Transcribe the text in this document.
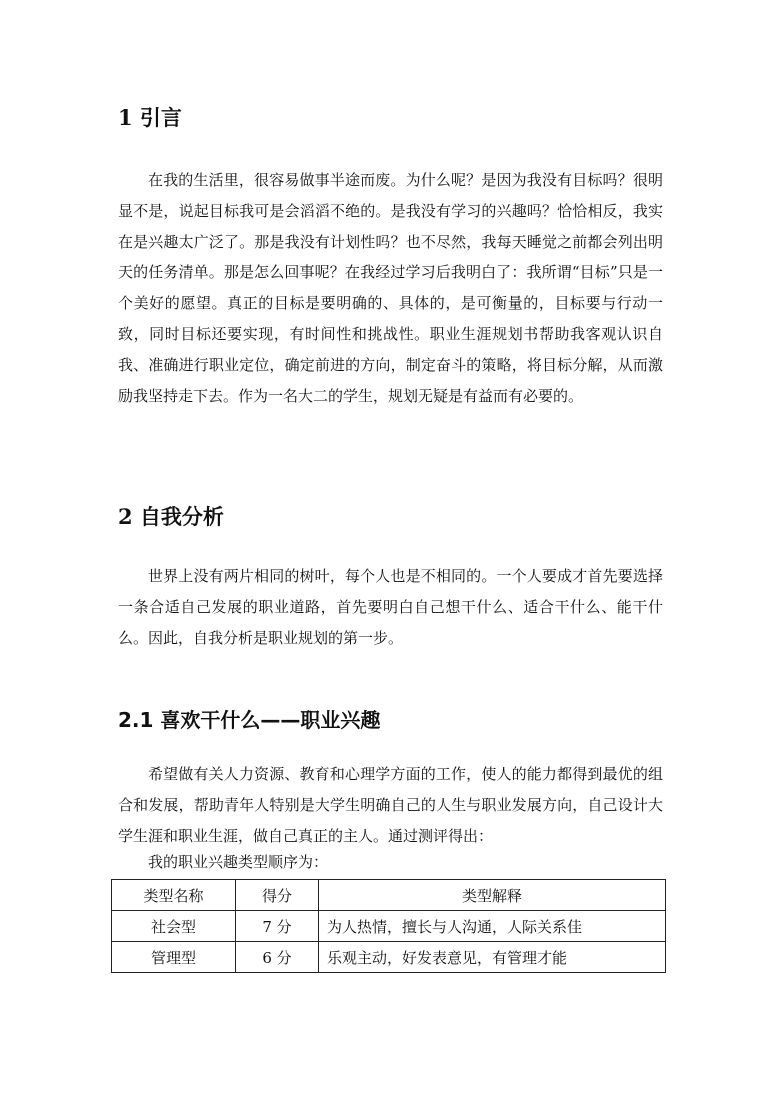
1 引言

在我的生活里，很容易做事半途而废。为什么呢？是因为我没有目标吗？很明显不是，说起目标我可是会滔滔不绝的。是我没有学习的兴趣吗？恰恰相反，我实在是兴趣太广泛了。那是我没有计划性吗？也不尽然，我每天睡觉之前都会列出明天的任务清单。那是怎么回事呢？在我经过学习后我明白了：我所谓“目标”只是一个美好的愿望。真正的目标是要明确的、具体的，是可衡量的，目标要与行动一致，同时目标还要实现，有时间性和挑战性。职业生涯规划书帮助我客观认识自我、准确进行职业定位，确定前进的方向，制定奋斗的策略，将目标分解，从而激励我坚持走下去。作为一名大二的学生，规划无疑是有益而有必要的。

2 自我分析

世界上没有两片相同的树叶，每个人也是不相同的。一个人要成才首先要选择一条合适自己发展的职业道路，首先要明白自己想干什么、适合干什么、能干什么。因此，自我分析是职业规划的第一步。

2.1 喜欢干什么——职业兴趣

希望做有关人力资源、教育和心理学方面的工作，使人的能力都得到最优的组合和发展，帮助青年人特别是大学生明确自己的人生与职业发展方向，自己设计大学生涯和职业生涯，做自己真正的主人。通过测评得出：

我的职业兴趣类型顺序为：

类型名称	得分	类型解释
社会型	7 分	为人热情，擅长与人沟通，人际关系佳
管理型	6 分	乐观主动，好发表意见，有管理才能
